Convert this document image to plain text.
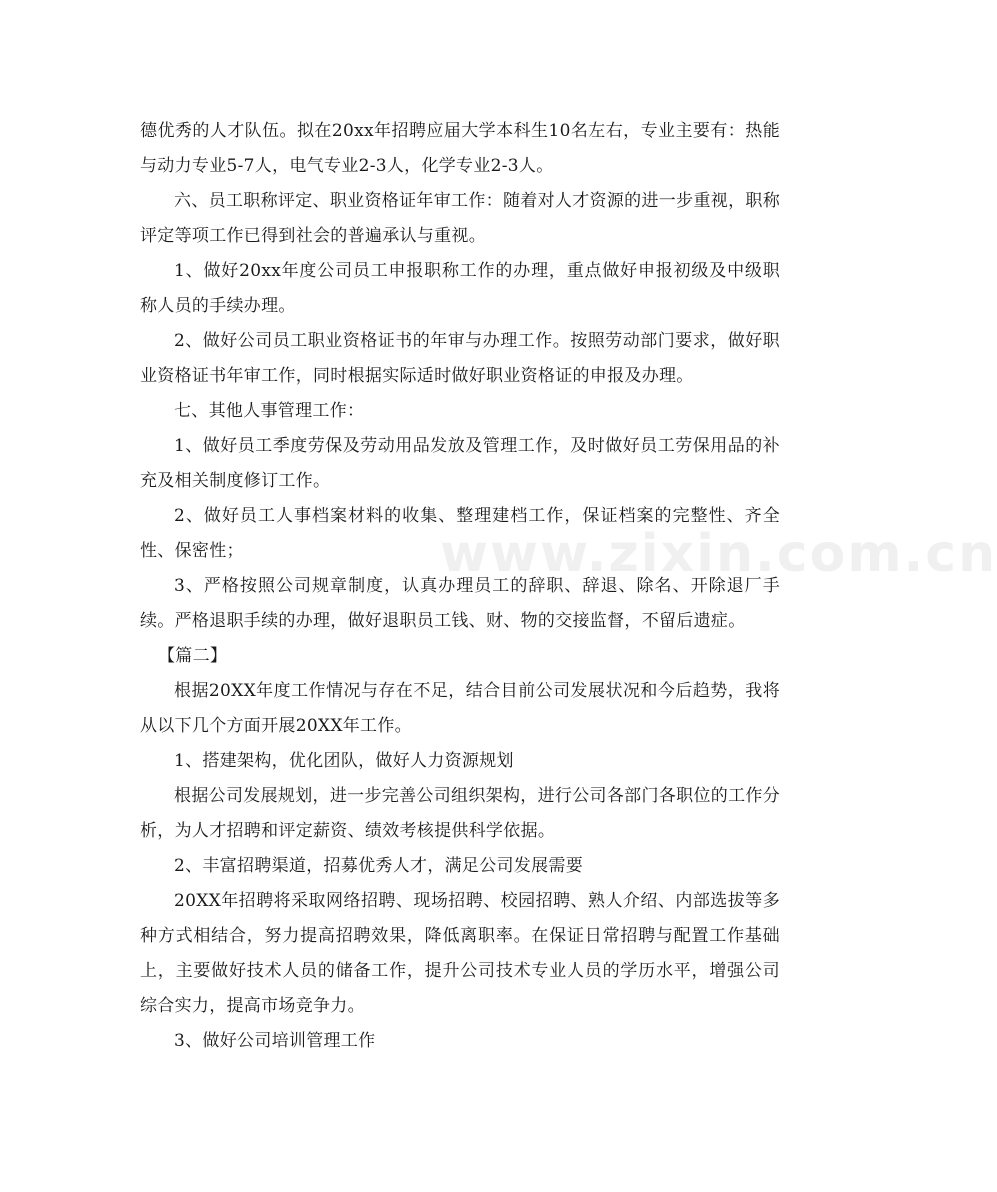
德优秀的人才队伍。拟在20xx年招聘应届大学本科生10名左右，专业主要有：热能与动力专业5-7人，电气专业2-3人，化学专业2-3人。

六、员工职称评定、职业资格证年审工作：随着对人才资源的进一步重视，职称评定等项工作已得到社会的普遍承认与重视。

1、做好20xx年度公司员工申报职称工作的办理，重点做好申报初级及中级职称人员的手续办理。

2、做好公司员工职业资格证书的年审与办理工作。按照劳动部门要求，做好职业资格证书年审工作，同时根据实际适时做好职业资格证的申报及办理。

七、其他人事管理工作：

1、做好员工季度劳保及劳动用品发放及管理工作，及时做好员工劳保用品的补充及相关制度修订工作。

2、做好员工人事档案材料的收集、整理建档工作，保证档案的完整性、齐全性、保密性；

3、严格按照公司规章制度，认真办理员工的辞职、辞退、除名、开除退厂手续。严格退职手续的办理，做好退职员工钱、财、物的交接监督，不留后遗症。

【篇二】

根据20XX年度工作情况与存在不足，结合目前公司发展状况和今后趋势，我将从以下几个方面开展20XX年工作。

1、搭建架构，优化团队，做好人力资源规划

根据公司发展规划，进一步完善公司组织架构，进行公司各部门各职位的工作分析，为人才招聘和评定薪资、绩效考核提供科学依据。

2、丰富招聘渠道，招募优秀人才，满足公司发展需要

20XX年招聘将采取网络招聘、现场招聘、校园招聘、熟人介绍、内部选拔等多种方式相结合，努力提高招聘效果，降低离职率。在保证日常招聘与配置工作基础上，主要做好技术人员的储备工作，提升公司技术专业人员的学历水平，增强公司综合实力，提高市场竞争力。

3、做好公司培训管理工作

www.zixin.com.cn
